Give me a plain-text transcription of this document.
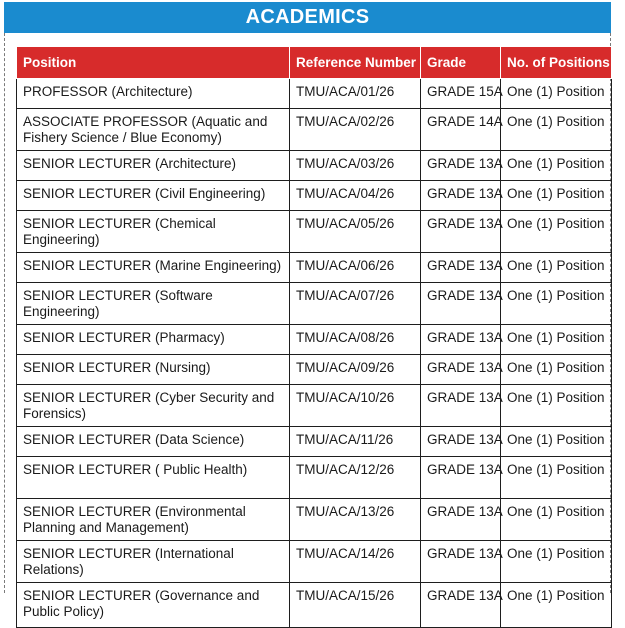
ACADEMICS
Position	Reference Number	Grade	No. of Positions
PROFESSOR (Architecture)	TMU/ACA/01/26	GRADE 15A	One (1) Position
ASSOCIATE PROFESSOR (Aquatic and Fishery Science / Blue Economy)	TMU/ACA/02/26	GRADE 14A	One (1) Position
SENIOR LECTURER (Architecture)	TMU/ACA/03/26	GRADE 13A	One (1) Position
SENIOR LECTURER (Civil Engineering)	TMU/ACA/04/26	GRADE 13A	One (1) Position
SENIOR LECTURER (Chemical Engineering)	TMU/ACA/05/26	GRADE 13A	One (1) Position
SENIOR LECTURER (Marine Engineering)	TMU/ACA/06/26	GRADE 13A	One (1) Position
SENIOR LECTURER (Software Engineering)	TMU/ACA/07/26	GRADE 13A	One (1) Position
SENIOR LECTURER (Pharmacy)	TMU/ACA/08/26	GRADE 13A	One (1) Position
SENIOR LECTURER (Nursing)	TMU/ACA/09/26	GRADE 13A	One (1) Position
SENIOR LECTURER (Cyber Security and Forensics)	TMU/ACA/10/26	GRADE 13A	One (1) Position
SENIOR LECTURER (Data Science)	TMU/ACA/11/26	GRADE 13A	One (1) Position
SENIOR LECTURER ( Public Health)	TMU/ACA/12/26	GRADE 13A	One (1) Position
SENIOR LECTURER (Environmental Planning and Management)	TMU/ACA/13/26	GRADE 13A	One (1) Position
SENIOR LECTURER (International Relations)	TMU/ACA/14/26	GRADE 13A	One (1) Position
SENIOR LECTURER (Governance and Public Policy)	TMU/ACA/15/26	GRADE 13A	One (1) Position
